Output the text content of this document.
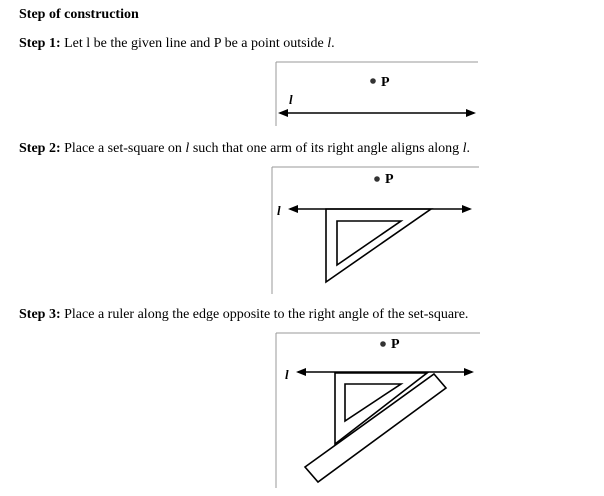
Step of construction
Step 1: Let l be the given line and P be a point outside l.
P
l
Step 2: Place a set-square on l such that one arm of its right angle aligns along l.
P
l
Step 3: Place a ruler along the edge opposite to the right angle of the set-square.
P
l
